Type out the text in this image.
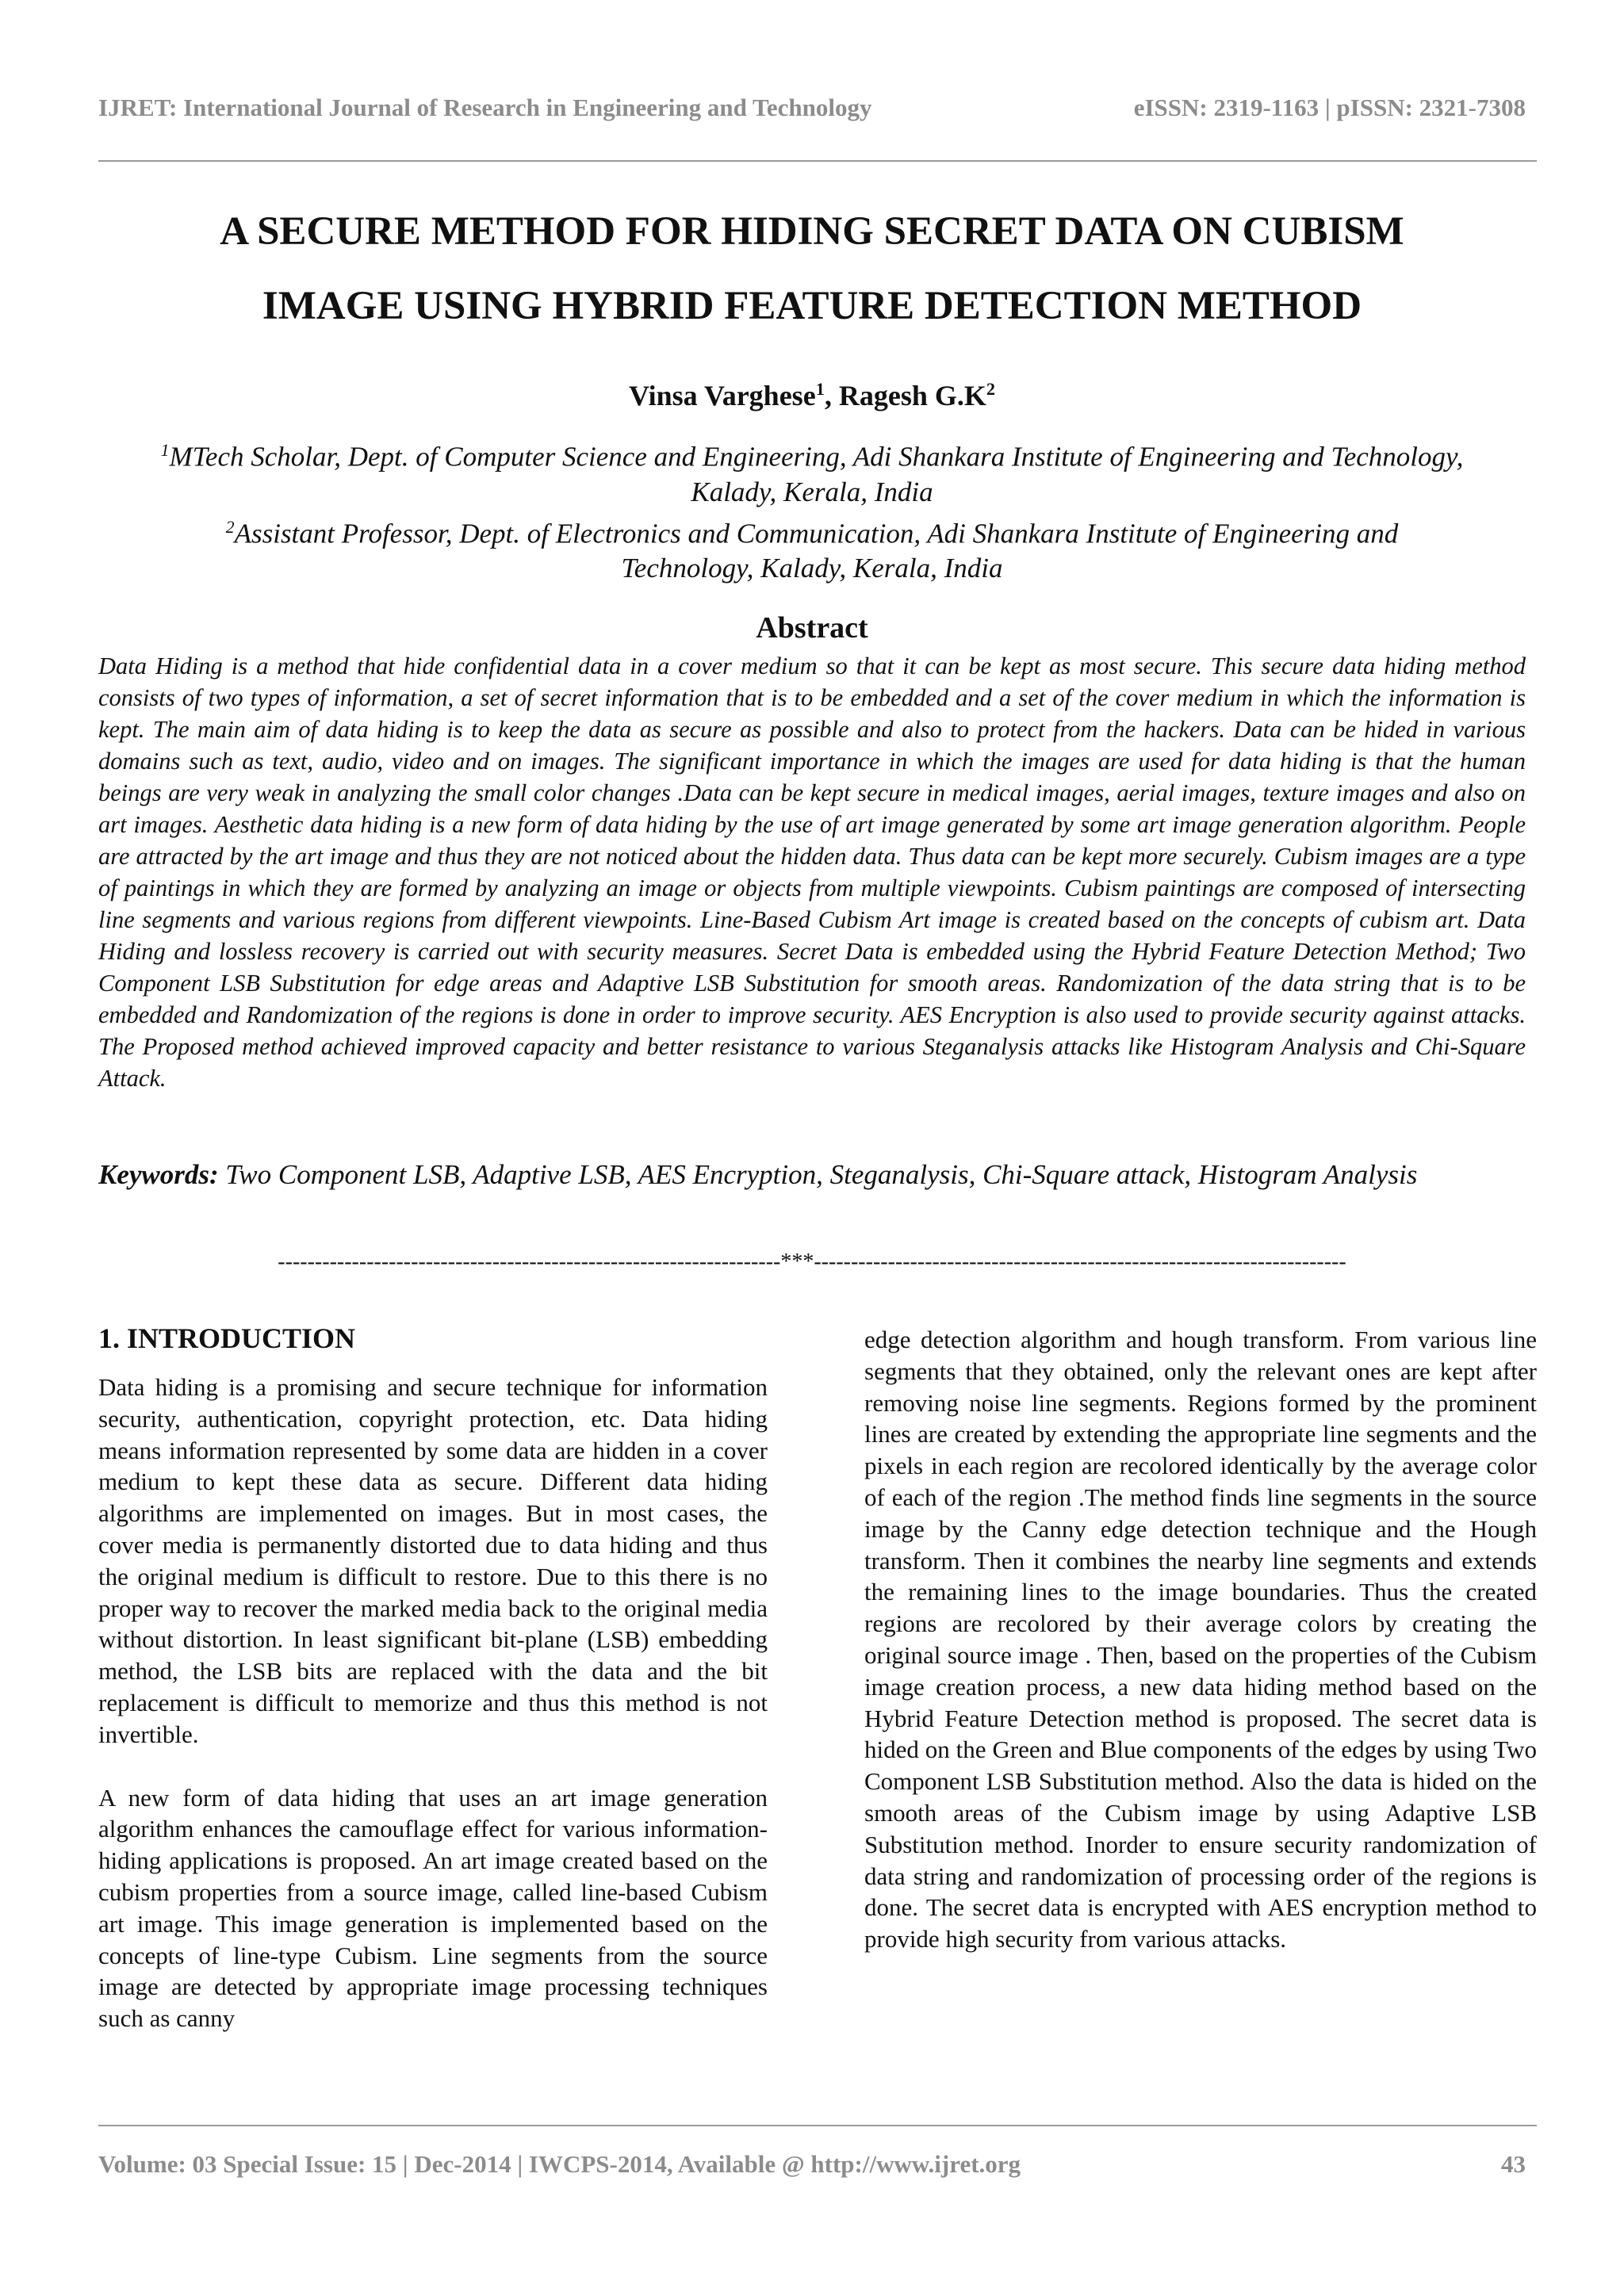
IJRET: International Journal of Research in Engineering and Technology	eISSN: 2319-1163 | pISSN: 2321-7308
A SECURE METHOD FOR HIDING SECRET DATA ON CUBISM
IMAGE USING HYBRID FEATURE DETECTION METHOD
Vinsa Varghese$^1$, Ragesh $G.K^2$
$^1$MTech Scholar, Dept. of Computer Science and Engineering, Adi Shankara Institute of Engineering and Technology,
Kalady, Kerala, India
$^2$Assistant Professor, Dept. of Electronics and Communication, Adi Shankara Institute of Engineering and
Technology, Kalady, Kerala, India
Abstract
Data Hiding is a method that hide confidential data in a cover medium so that it can be kept as most secure. This secure data hiding method consists of two types of information, a set of secret information that is to be embedded and a set of the cover medium in which the information is kept. The main aim of data hiding is to keep the data as secure as possible and also to protect from the hackers. Data can be hided in various domains such as text, audio, video and on images. The significant importance in which the images are used for data hiding is that the human beings are very weak in analyzing the small color changes .Data can be kept secure in medical images, aerial images, texture images and also on art images. Aesthetic data hiding is a new form of data hiding by the use of art image generated by some art image generation algorithm. People are attracted by the art image and thus they are not noticed about the hidden data. Thus data can be kept more securely. Cubism images are a type of paintings in which they are formed by analyzing an image or objects from multiple viewpoints. Cubism paintings are composed of intersecting line segments and various regions from different viewpoints. Line-Based Cubism Art image is created based on the concepts of cubism art. Data Hiding and lossless recovery is carried out with security measures. Secret Data is embedded using the Hybrid Feature Detection Method; Two Component LSB Substitution for edge areas and Adaptive LSB Substitution for smooth areas. Randomization of the data string that is to be embedded and Randomization of the regions is done in order to improve security. AES Encryption is also used to provide security against attacks. The Proposed method achieved improved capacity and better resistance to various Steganalysis attacks like Histogram Analysis and Chi-Square Attack.
Keywords: Two Component LSB, Adaptive LSB, AES Encryption, Steganalysis, Chi-Square attack, Histogram Analysis
--------------------------------------------------------------------***------------------------------------------------------------------------
1. INTRODUCTION

Data hiding is a promising and secure technique for information security, authentication, copyright protection, etc. Data hiding means information represented by some data are hidden in a cover medium to kept these data as secure. Different data hiding algorithms are implemented on images. But in most cases, the cover media is permanently distorted due to data hiding and thus the original medium is difficult to restore. Due to this there is no proper way to recover the marked media back to the original media without distortion. In least significant bit-plane (LSB) embedding method, the LSB bits are replaced with the data and the bit replacement is difficult to memorize and thus this method is not invertible.

A new form of data hiding that uses an art image generation algorithm enhances the camouflage effect for various information-hiding applications is proposed. An art image created based on the cubism properties from a source image, called line-based Cubism art image. This image generation is implemented based on the concepts of line-type Cubism. Line segments from the source image are detected by appropriate image processing techniques such as canny

edge detection algorithm and hough transform. From various line segments that they obtained, only the relevant ones are kept after removing noise line segments. Regions formed by the prominent lines are created by extending the appropriate line segments and the pixels in each region are recolored identically by the average color of each of the region .The method finds line segments in the source image by the Canny edge detection technique and the Hough transform. Then it combines the nearby line segments and extends the remaining lines to the image boundaries. Thus the created regions are recolored by their average colors by creating the original source image . Then, based on the properties of the Cubism image creation process, a new data hiding method based on the Hybrid Feature Detection method is proposed. The secret data is hided on the Green and Blue components of the edges by using Two Component LSB Substitution method. Also the data is hided on the smooth areas of the Cubism image by using Adaptive LSB Substitution method. Inorder to ensure security randomization of data string and randomization of processing order of the regions is done. The secret data is encrypted with AES encryption method to provide high security from various attacks.

Volume: 03 Special Issue: 15 | Dec-2014 | IWCPS-2014, Available @ http://www.ijret.org	43
